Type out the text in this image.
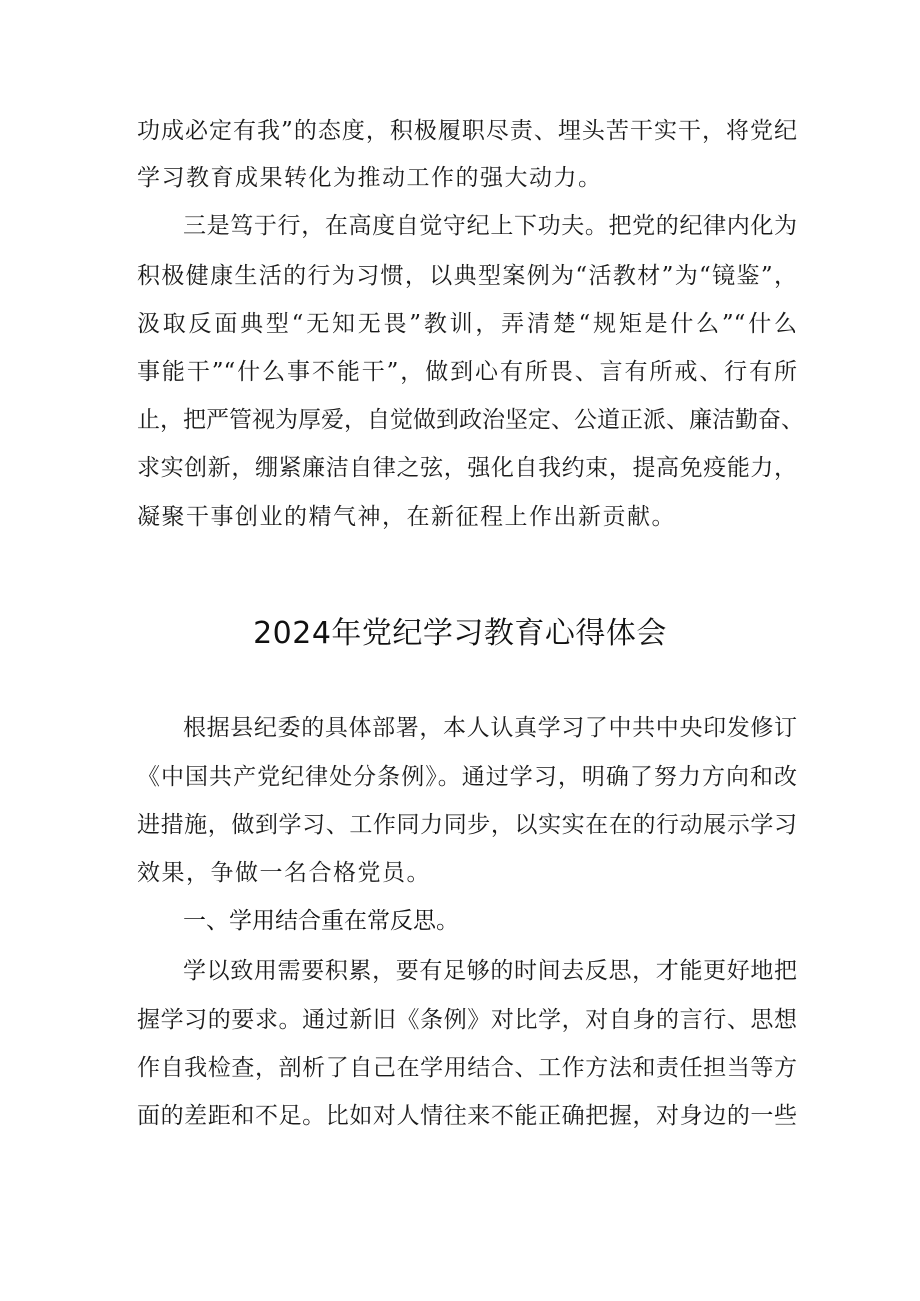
功成必定有我”的态度，积极履职尽责、埋头苦干实干，将党纪
学习教育成果转化为推动工作的强大动力。
三是笃于行，在高度自觉守纪上下功夫。把党的纪律内化为
积极健康生活的行为习惯，以典型案例为“活教材”为“镜鉴”，
汲取反面典型“无知无畏”教训，弄清楚“规矩是什么”“什么
事能干”“什么事不能干”，做到心有所畏、言有所戒、行有所
止，把严管视为厚爱，自觉做到政治坚定、公道正派、廉洁勤奋、
求实创新，绷紧廉洁自律之弦，强化自我约束，提高免疫能力，
凝聚干事创业的精气神，在新征程上作出新贡献。
2024年党纪学习教育心得体会
根据县纪委的具体部署，本人认真学习了中共中央印发修订
《中国共产党纪律处分条例》。通过学习，明确了努力方向和改
进措施，做到学习、工作同力同步，以实实在在的行动展示学习
效果，争做一名合格党员。
一、学用结合重在常反思。
学以致用需要积累，要有足够的时间去反思，才能更好地把
握学习的要求。通过新旧《条例》对比学，对自身的言行、思想
作自我检查，剖析了自己在学用结合、工作方法和责任担当等方
面的差距和不足。比如对人情往来不能正确把握，对身边的一些
